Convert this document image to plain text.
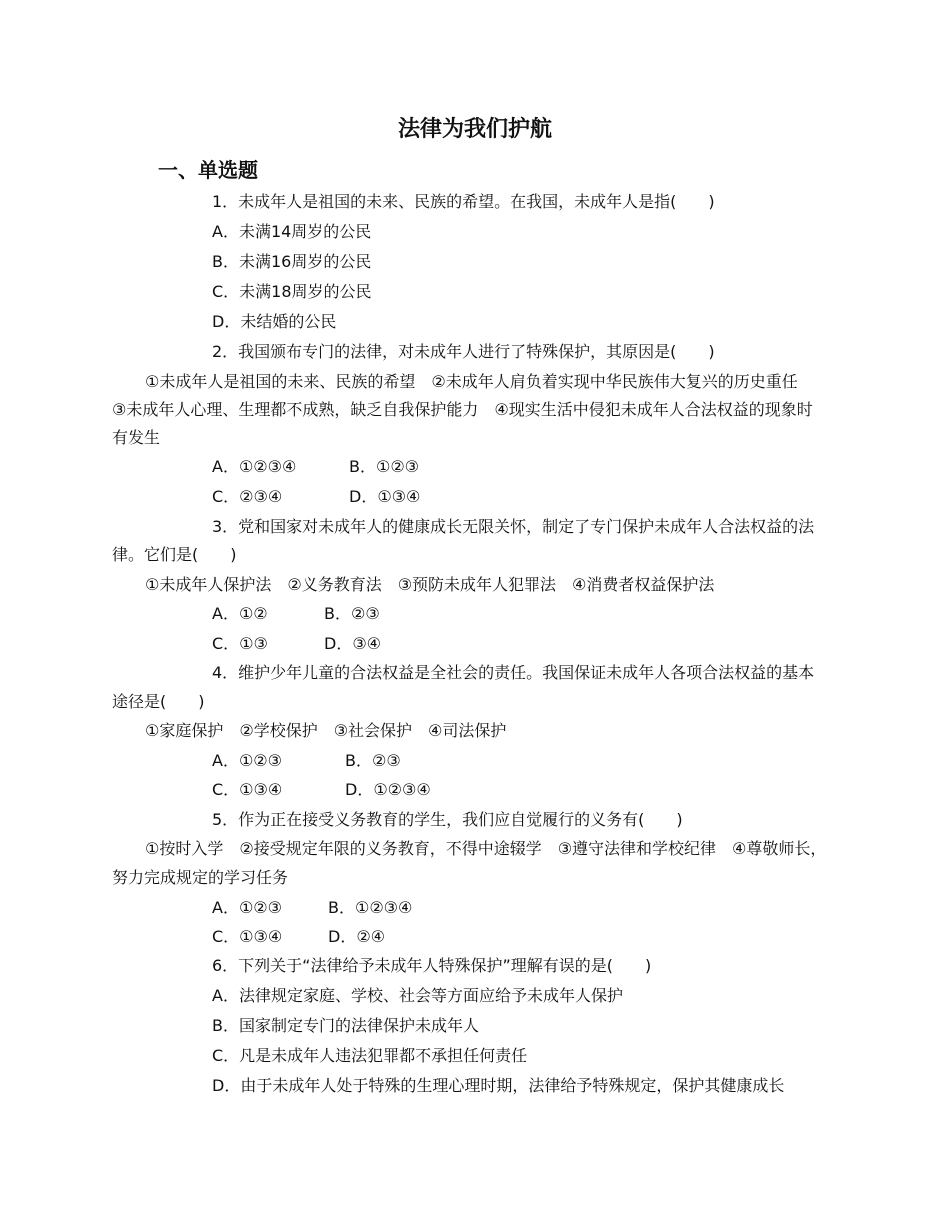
法律为我们护航
一、单选题
1．未成年人是祖国的未来、民族的希望。在我国，未成年人是指(　　)
A．未满14周岁的公民
B．未满16周岁的公民
C．未满18周岁的公民
D．未结婚的公民
2．我国颁布专门的法律，对未成年人进行了特殊保护，其原因是(　　)
①未成年人是祖国的未来、民族的希望　②未成年人肩负着实现中华民族伟大复兴的历史重任
③未成年人心理、生理都不成熟，缺乏自我保护能力　④现实生活中侵犯未成年人合法权益的现象时
有发生
A．①②③④	B．①②③
C．②③④	D．①③④
3．党和国家对未成年人的健康成长无限关怀，制定了专门保护未成年人合法权益的法
律。它们是(　　)
①未成年人保护法　②义务教育法　③预防未成年人犯罪法　④消费者权益保护法
A．①②	B．②③
C．①③	D．③④
4．维护少年儿童的合法权益是全社会的责任。我国保证未成年人各项合法权益的基本
途径是(　　)
①家庭保护　②学校保护　③社会保护　④司法保护
A．①②③	B．②③
C．①③④	D．①②③④
5．作为正在接受义务教育的学生，我们应自觉履行的义务有(　　)
①按时入学　②接受规定年限的义务教育，不得中途辍学　③遵守法律和学校纪律　④尊敬师长，
努力完成规定的学习任务
A．①②③	B．①②③④
C．①③④	D．②④
6．下列关于“法律给予未成年人特殊保护”理解有误的是(　　)
A．法律规定家庭、学校、社会等方面应给予未成年人保护
B．国家制定专门的法律保护未成年人
C．凡是未成年人违法犯罪都不承担任何责任
D．由于未成年人处于特殊的生理心理时期，法律给予特殊规定，保护其健康成长
